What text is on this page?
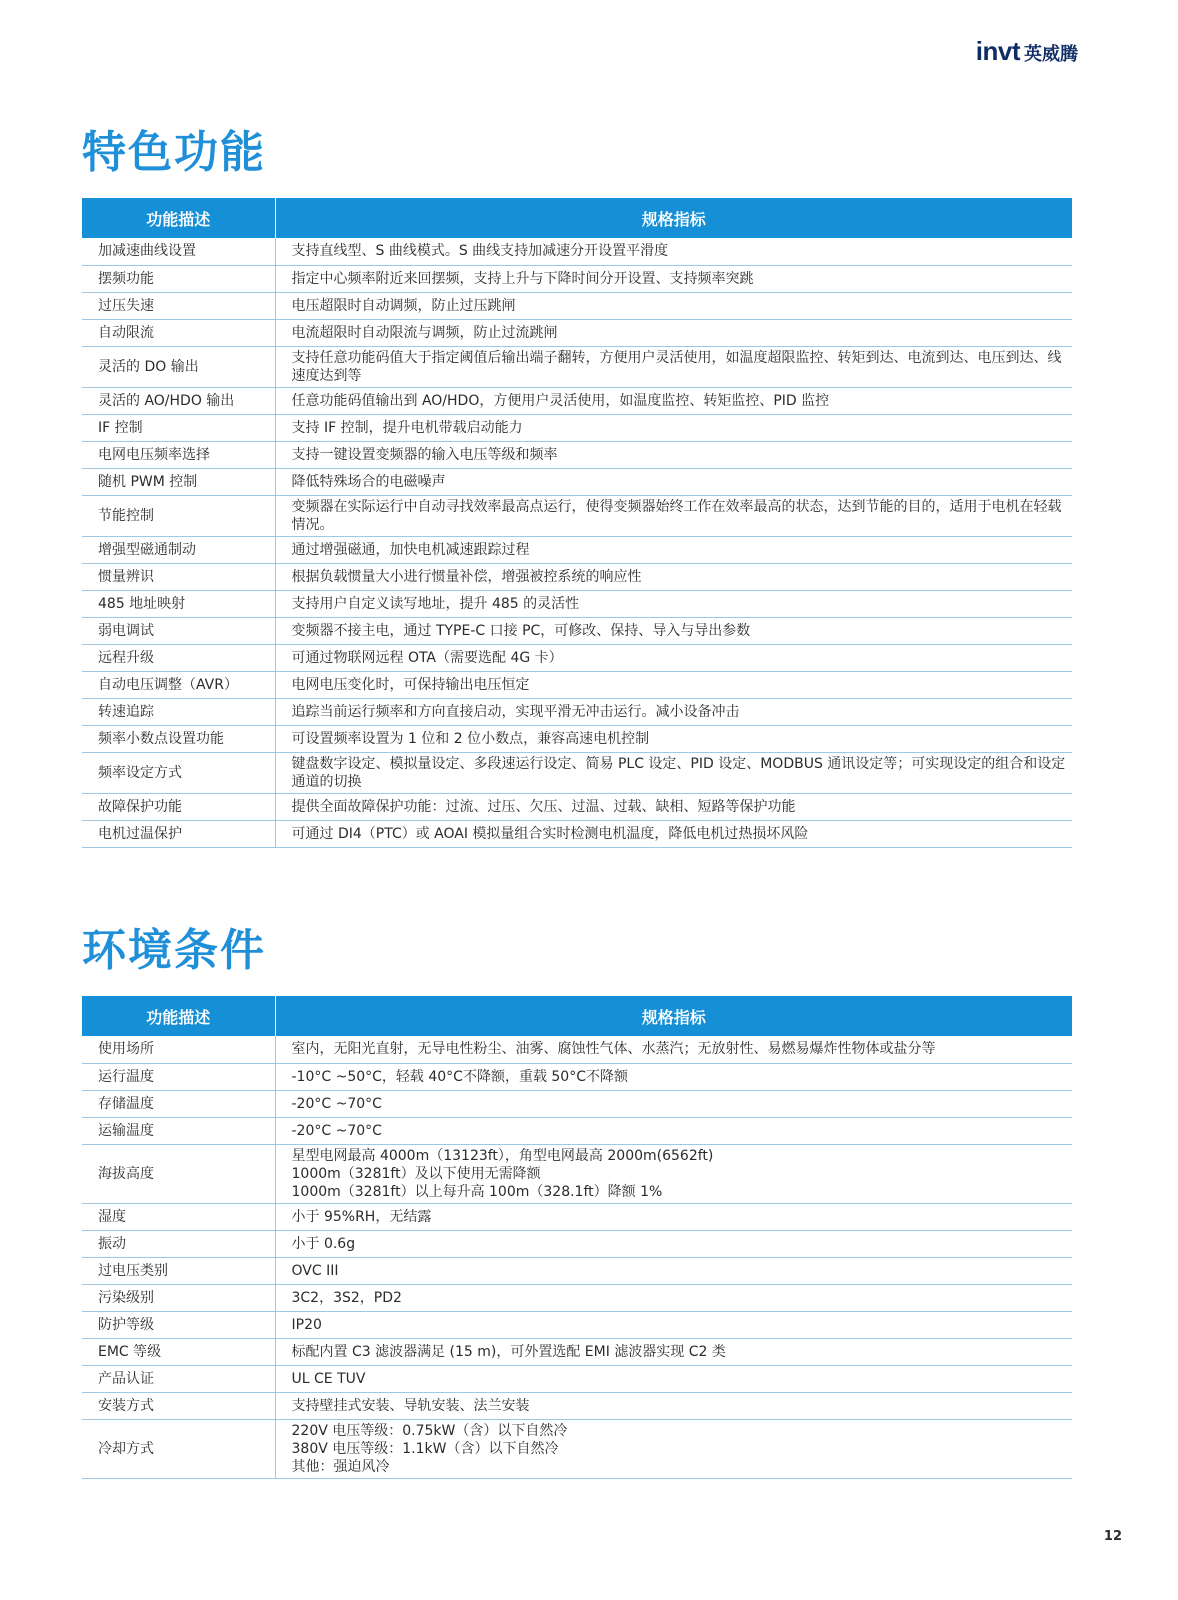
invt 英威腾
特色功能
功能描述	规格指标
加减速曲线设置	支持直线型、S 曲线模式。S 曲线支持加减速分开设置平滑度
摆频功能	指定中心频率附近来回摆频，支持上升与下降时间分开设置、支持频率突跳
过压失速	电压超限时自动调频，防止过压跳闸
自动限流	电流超限时自动限流与调频，防止过流跳闸
灵活的 DO 输出	支持任意功能码值大于指定阈值后输出端子翻转，方便用户灵活使用，如温度超限监控、转矩到达、电流到达、电压到达、线速度达到等
灵活的 AO/HDO 输出	任意功能码值输出到 AO/HDO，方便用户灵活使用，如温度监控、转矩监控、PID 监控
IF 控制	支持 IF 控制，提升电机带载启动能力
电网电压频率选择	支持一键设置变频器的输入电压等级和频率
随机 PWM 控制	降低特殊场合的电磁噪声
节能控制	变频器在实际运行中自动寻找效率最高点运行，使得变频器始终工作在效率最高的状态，达到节能的目的，适用于电机在轻载情况。
增强型磁通制动	通过增强磁通，加快电机减速跟踪过程
惯量辨识	根据负载惯量大小进行惯量补偿，增强被控系统的响应性
485 地址映射	支持用户自定义读写地址，提升 485 的灵活性
弱电调试	变频器不接主电，通过 TYPE-C 口接 PC，可修改、保持、导入与导出参数
远程升级	可通过物联网远程 OTA（需要选配 4G 卡）
自动电压调整（AVR）	电网电压变化时，可保持输出电压恒定
转速追踪	追踪当前运行频率和方向直接启动，实现平滑无冲击运行。减小设备冲击
频率小数点设置功能	可设置频率设置为 1 位和 2 位小数点，兼容高速电机控制
频率设定方式	键盘数字设定、模拟量设定、多段速运行设定、简易 PLC 设定、PID 设定、MODBUS 通讯设定等；可实现设定的组合和设定通道的切换
故障保护功能	提供全面故障保护功能：过流、过压、欠压、过温、过载、缺相、短路等保护功能
电机过温保护	可通过 DI4（PTC）或 AOAI 模拟量组合实时检测电机温度，降低电机过热损坏风险
环境条件
功能描述	规格指标
使用场所	室内，无阳光直射，无导电性粉尘、油雾、腐蚀性气体、水蒸汽；无放射性、易燃易爆炸性物体或盐分等

运行温度	-10°C ~50°C，轻载 40°C不降额，重载 50°C不降额

存储温度	-20°C ~70°C

运输温度	-20°C ~70°C

海拔高度	星型电网最高 4000m（13123ft），角型电网最高 2000m(6562ft)
1000m（3281ft）及以下使用无需降额
1000m（3281ft）以上每升高 100m（328.1ft）降额 1%

湿度	小于 95%RH，无结露

振动	小于 0.6g

过电压类别	OVC III

污染级别	3C2，3S2，PD2

防护等级	IP20

EMC 等级	标配内置 C3 滤波器满足 (15 m)，可外置选配 EMI 滤波器实现 C2 类

产品认证	UL CE TUV

安装方式	支持壁挂式安装、导轨安装、法兰安装

冷却方式	220V 电压等级：0.75kW（含）以下自然冷
380V 电压等级：1.1kW（含）以下自然冷
其他：强迫风冷
12
